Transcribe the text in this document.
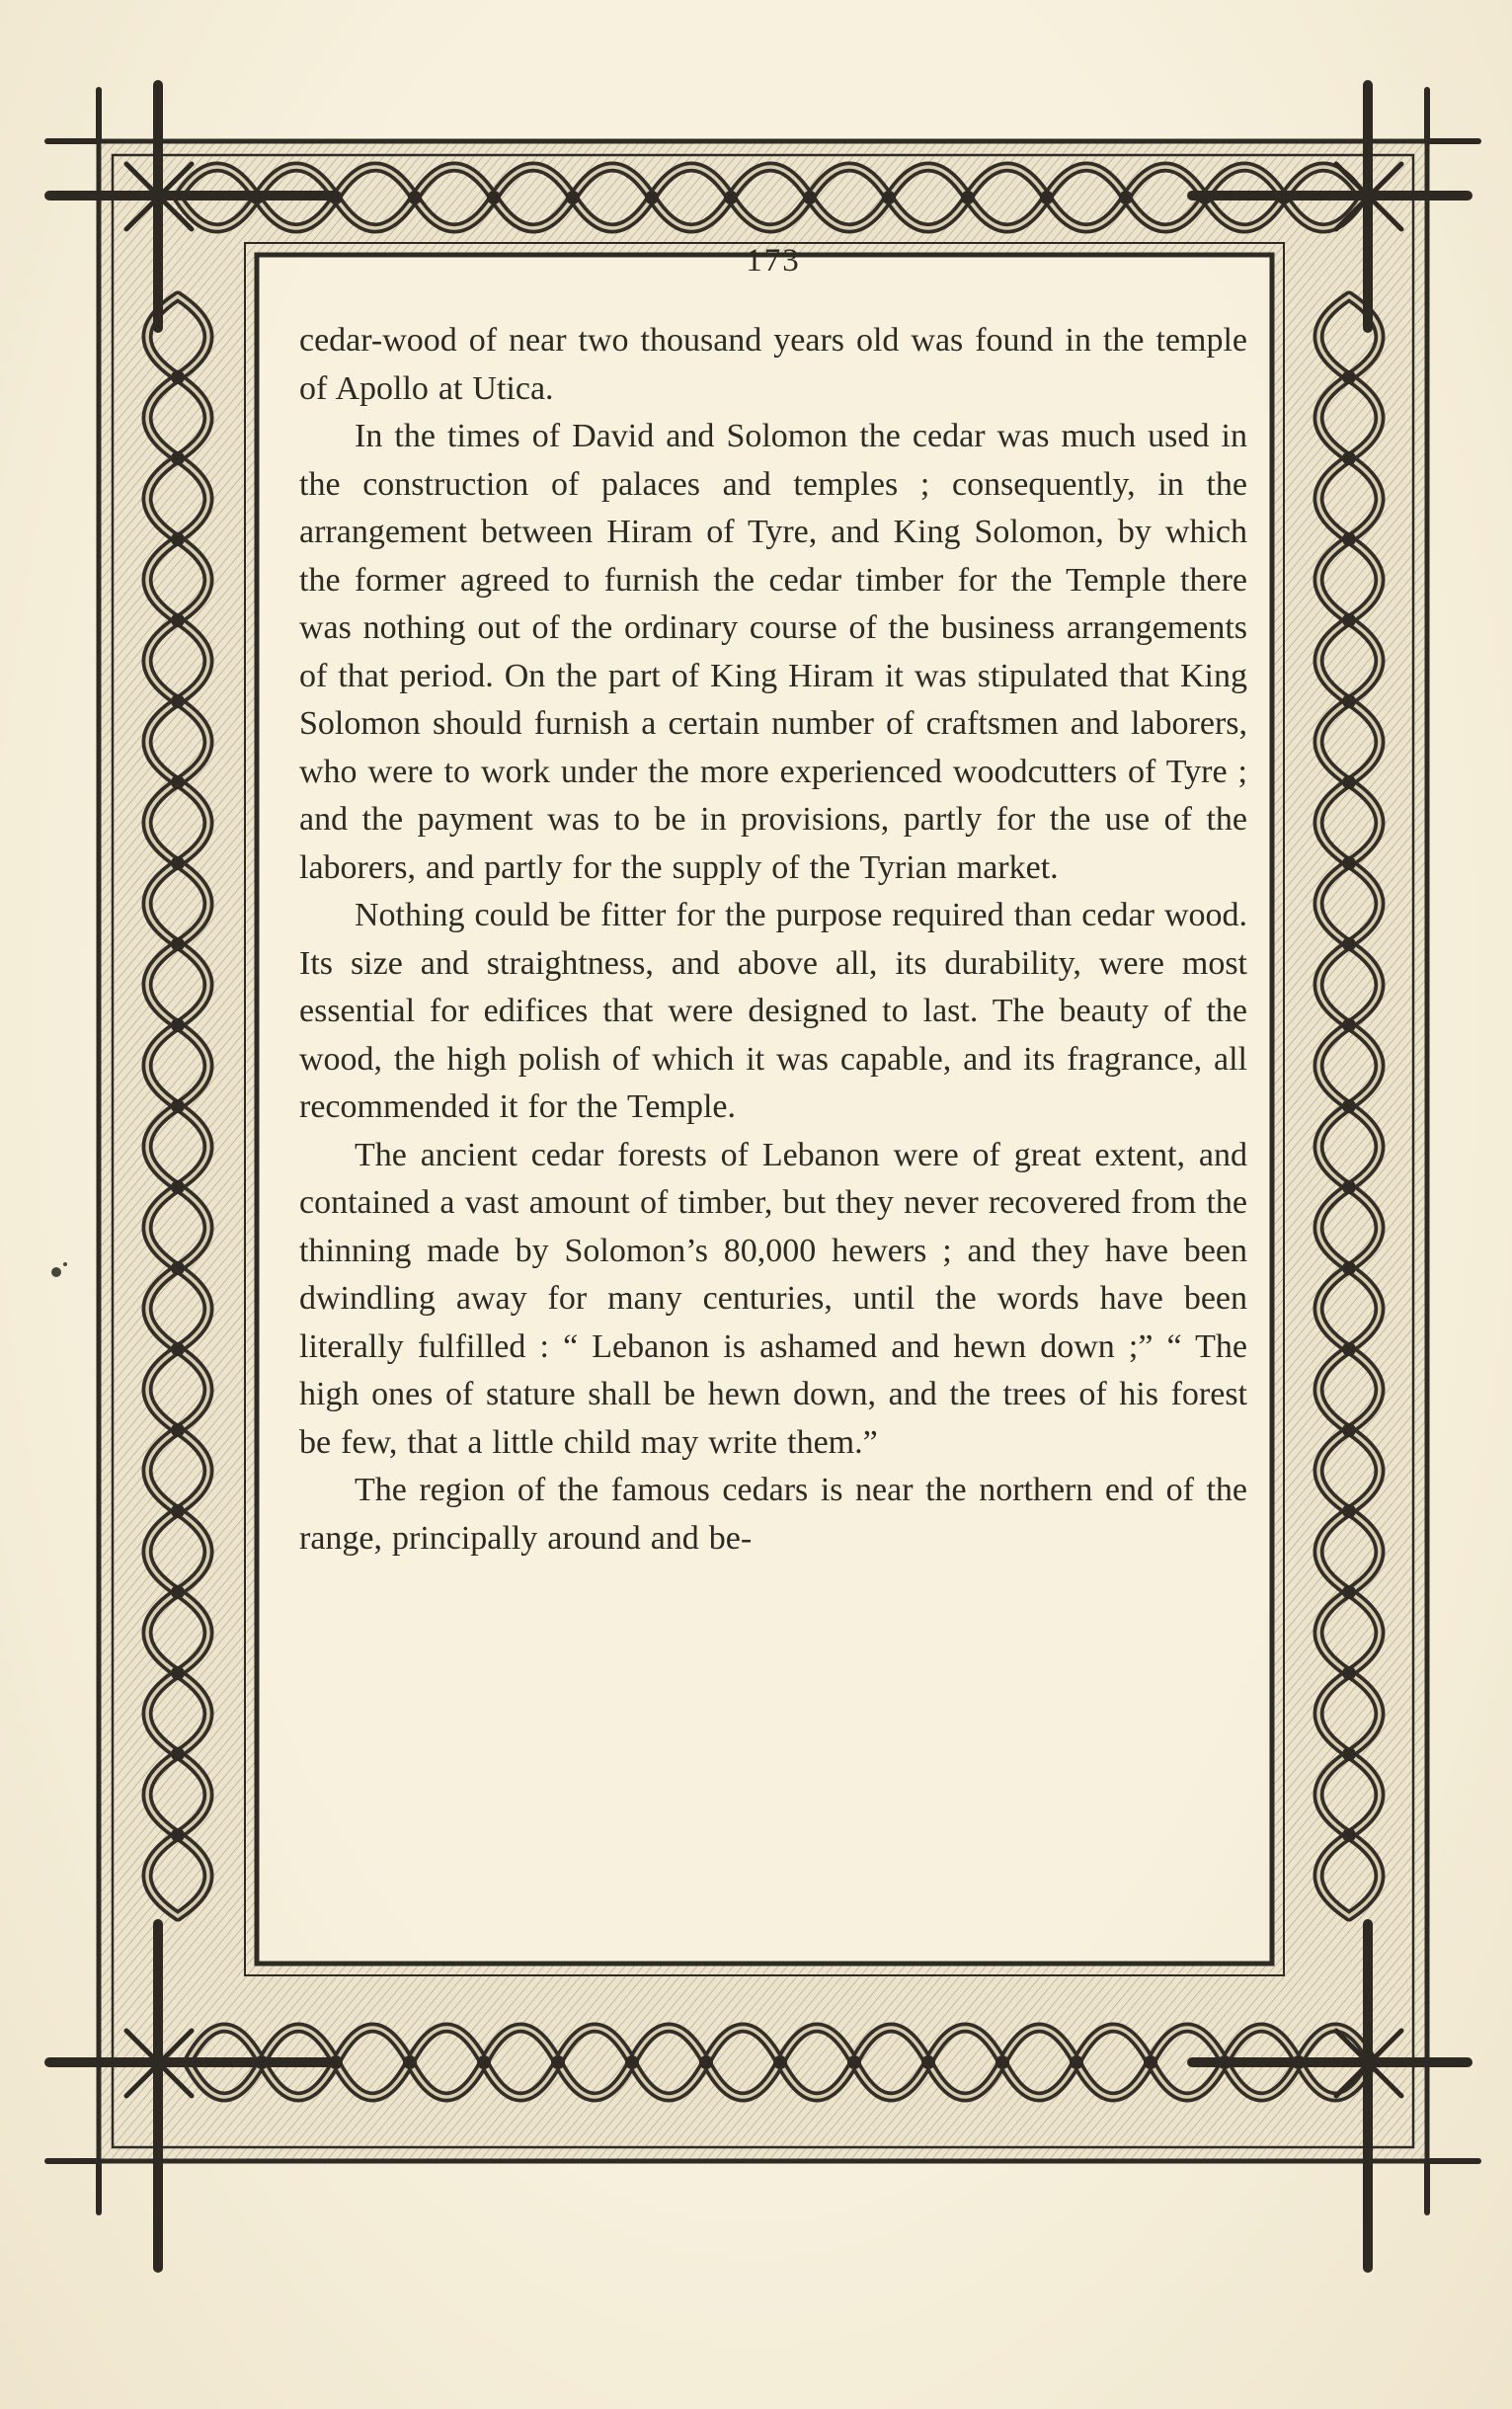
173

cedar-wood of near two thousand years old was found in the temple of Apollo at Utica.

In the times of David and Solomon the cedar was much used in the construction of palaces and temples ; consequently, in the arrangement between Hiram of Tyre, and King Solomon, by which the former agreed to furnish the cedar timber for the Temple there was nothing out of the ordinary course of the business arrangements of that period. On the part of King Hiram it was stipulated that King Solomon should furnish a certain number of craftsmen and laborers, who were to work under the more experienced woodcutters of Tyre ; and the payment was to be in provisions, partly for the use of the laborers, and partly for the supply of the Tyrian market.

Nothing could be fitter for the purpose required than cedar wood. Its size and straightness, and above all, its durability, were most essential for edifices that were designed to last. The beauty of the wood, the high polish of which it was capable, and its fragrance, all recommended it for the Temple.

The ancient cedar forests of Lebanon were of great extent, and contained a vast amount of timber, but they never recovered from the thinning made by Solomon’s 80,000 hewers ; and they have been dwindling away for many centuries, until the words have been literally fulfilled : “ Lebanon is ashamed and hewn down ;” “ The high ones of stature shall be hewn down, and the trees of his forest be few, that a little child may write them.”

The region of the famous cedars is near the northern end of the range, principally around and be-
